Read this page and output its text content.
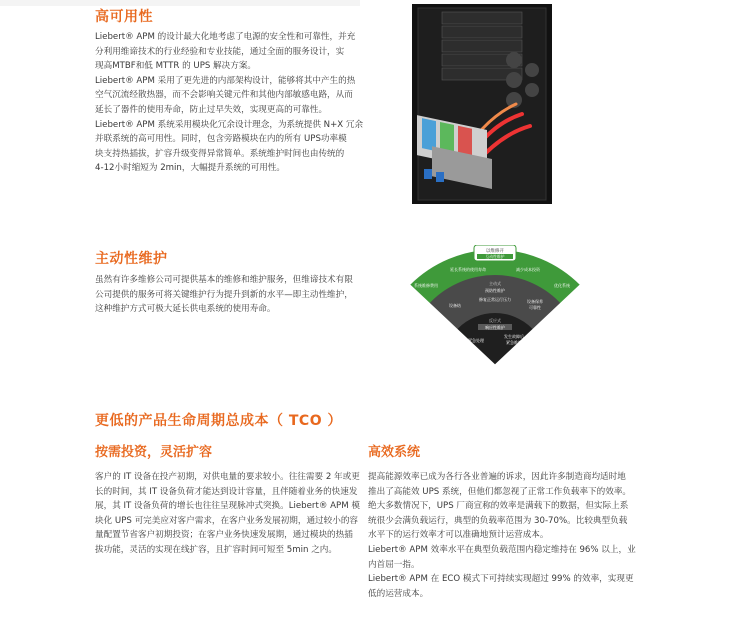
高可用性

Liebert® APM 的设计最大化地考虑了电源的安全性和可靠性，并充

分利用维谛技术的行业经验和专业技能，通过全面的服务设计，实

现高MTBF和低 MTTR 的 UPS 解决方案。

Liebert® APM 采用了更先进的内部架构设计，能够将其中产生的热

空气沉流经散热器，而不会影响关键元件和其他内部敏感电路，从而

延长了器件的使用寿命，防止过早失效，实现更高的可靠性。

Liebert® APM 系统采用模块化冗余设计理念，为系统提供 N+X 冗余

并联系统的高可用性。同时，包含旁路模块在内的所有 UPS功率模

块支持热插拔，扩容升级变得异常简单。系统维护时间也由传统的

4-12小时缩短为 2min，大幅提升系统的可用性。

主动性维护

虽然有许多维修公司可提供基本的维修和维护服务，但维谛技术有限

公司提供的服务可将关键维护行为提升到新的水平—即主动性维护，

这种维护方式可极大延长供电系统的使用寿命。

以维修开
互动性维护
延长系统的使用寿命	减少成本投资
系统维修费用	优化系统
主动式
预防性维护
设备结
修复正常运行压力	设备保养
可靠性
反应式
响应性维护
紧急处理
发生故障后
紧急维修
更低的产品生命周期总成本（ TCO ）
按需投资，灵活扩容

客户的 IT 设备在投产初期，对供电量的要求较小。往往需要 2 年或更

长的时间，其 IT 设备负荷才能达到设计容量，且伴随着业务的快速发

展，其 IT 设备负荷的增长也往往呈现脉冲式突换。Liebert® APM 模

块化 UPS 可完美应对客户需求，在客户业务发展初期，通过较小的容

量配置节省客户初期投资；在客户业务快速发展期，通过模块的热插

拔功能，灵活的实现在线扩容，且扩容时间可短至 5min 之内。

高效系统

提高能源效率已成为各行各业普遍的诉求，因此许多制造商均适时地

推出了高能效 UPS 系统，但他们都忽视了正常工作负载率下的效率。

绝大多数情况下，UPS 厂商宣称的效率是满载下的数据，但实际上系

统很少会满负载运行，典型的负载率范围为 30-70%。比较典型负载

水平下的运行效率才可以准确地预计运营成本。

Liebert® APM 效率水平在典型负载范围内稳定维持在 96% 以上，业

内首屈一指。

Liebert® APM 在 ECO 模式下可持续实现超过 99% 的效率，实现更

低的运营成本。
